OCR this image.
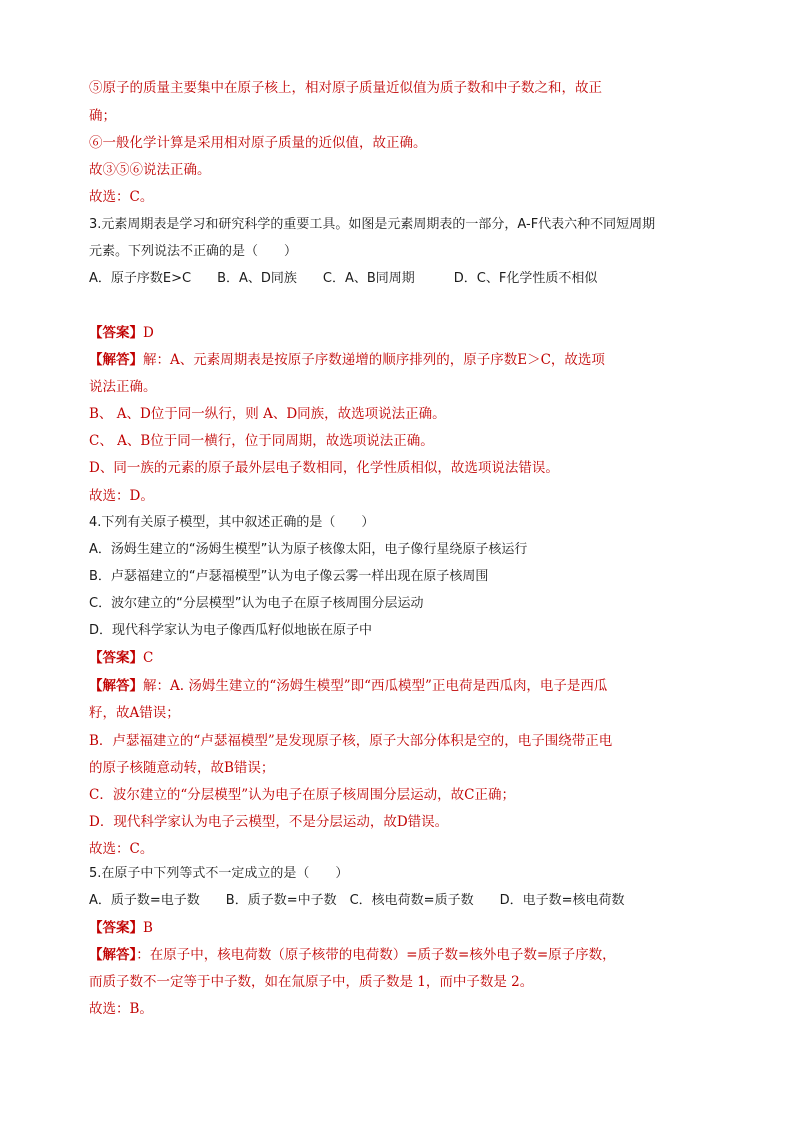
⑤原子的质量主要集中在原子核上，相对原子质量近似值为质子数和中子数之和，故正
确；
⑥一般化学计算是采用相对原子质量的近似值，故正确。
故③⑤⑥说法正确。
故选：C。
3.元素周期表是学习和研究科学的重要工具。如图是元素周期表的一部分，A-F代表六种不同短周期
元素。下列说法不正确的是（　　）
A．原子序数E>C　　B．A、D同族　　C．A、B同周期　　　D．C、F化学性质不相似
【答案】D
【解答】解：A、元素周期表是按原子序数递增的顺序排列的，原子序数E＞C，故选项
说法正确。
B、 A、D位于同一纵行，则 A、D同族，故选项说法正确。
C、 A、B位于同一横行，位于同周期，故选项说法正确。
D、同一族的元素的原子最外层电子数相同，化学性质相似，故选项说法错误。
故选：D。
4.下列有关原子模型，其中叙述正确的是（　　）
A．汤姆生建立的“汤姆生模型”认为原子核像太阳，电子像行星绕原子核运行
B．卢瑟福建立的“卢瑟福模型”认为电子像云雾一样出现在原子核周围
C．波尔建立的“分层模型”认为电子在原子核周围分层运动
D．现代科学家认为电子像西瓜籽似地嵌在原子中
【答案】C
【解答】解：A. 汤姆生建立的“汤姆生模型”即“西瓜模型”正电荷是西瓜肉，电子是西瓜
籽，故A错误；
B．卢瑟福建立的“卢瑟福模型”是发现原子核，原子大部分体积是空的，电子围绕带正电
的原子核随意动转，故B错误；
C．波尔建立的“分层模型”认为电子在原子核周围分层运动，故C正确；
D．现代科学家认为电子云模型，不是分层运动，故D错误。
故选：C。
5.在原子中下列等式不一定成立的是（　　）
A．质子数=电子数　　B．质子数=中子数　C．核电荷数=质子数　　D．电子数=核电荷数
【答案】B
【解答】：在原子中，核电荷数（原子核带的电荷数）=质子数=核外电子数=原子序数，
而质子数不一定等于中子数，如在氚原子中，质子数是 1，而中子数是 2。
故选：B。
